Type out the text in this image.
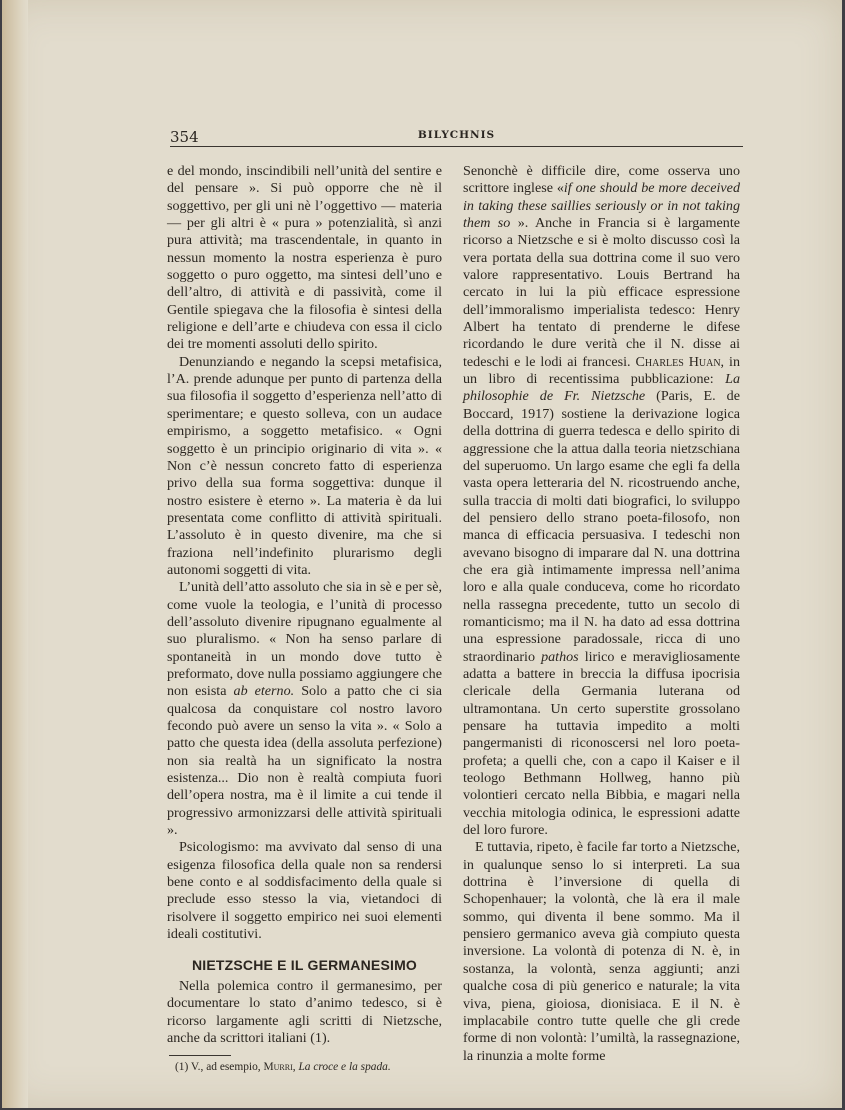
354	BILYCHNIS

e del mondo, inscindibili nell’unità del sentire e del pensare ». Si può opporre che nè il soggettivo, per gli uni nè l’oggettivo — materia — per gli altri è « pura » potenzialità, sì anzi pura attività; ma trascendentale, in quanto in nessun momento la nostra esperienza è puro soggetto o puro oggetto, ma sintesi dell’uno e dell’altro, di attività e di passività, come il Gentile spiegava che la filosofia è sintesi della religione e dell’arte e chiudeva con essa il ciclo dei tre momenti assoluti dello spirito.

Denunziando e negando la scepsi metafisica, l’A. prende adunque per punto di partenza della sua filosofia il soggetto d’esperienza nell’atto di sperimentare; e questo solleva, con un audace empirismo, a soggetto metafisico. « Ogni soggetto è un principio originario di vita ». « Non c’è nessun concreto fatto di esperienza privo della sua forma soggettiva: dunque il nostro esistere è eterno ». La materia è da lui presentata come conflitto di attività spirituali. L’assoluto è in questo divenire, ma che si fraziona nell’indefinito plurarismo degli autonomi soggetti di vita.

L’unità dell’atto assoluto che sia in sè e per sè, come vuole la teologia, e l’unità di processo dell’assoluto divenire ripugnano egualmente al suo pluralismo. « Non ha senso parlare di spontaneità in un mondo dove tutto è preformato, dove nulla possiamo aggiungere che non esista ab eterno. Solo a patto che ci sia qualcosa da conquistare col nostro lavoro fecondo può avere un senso la vita ». « Solo a patto che questa idea (della assoluta perfezione) non sia realtà ha un significato la nostra esistenza... Dio non è realtà compiuta fuori dell’opera nostra, ma è il limite a cui tende il progressivo armonizzarsi delle attività spirituali ».

Psicologismo: ma avvivato dal senso di una esigenza filosofica della quale non sa rendersi bene conto e al soddisfacimento della quale si preclude esso stesso la via, vietandoci di risolvere il soggetto empirico nei suoi elementi ideali costitutivi.

NIETZSCHE E IL GERMANESIMO

Nella polemica contro il germanesimo, per documentare lo stato d’animo tedesco, si è ricorso largamente agli scritti di Nietzsche, anche da scrittori italiani (1).

(1) V., ad esempio, Murri, La croce e la spada.

Senonchè è difficile dire, come osserva uno scrittore inglese «if one should be more deceived in taking these saillies seriously or in not taking them so ». Anche in Francia si è largamente ricorso a Nietzsche e si è molto discusso così la vera portata della sua dottrina come il suo vero valore rappresentativo. Louis Bertrand ha cercato in lui la più efficace espressione dell’immoralismo imperialista tedesco: Henry Albert ha tentato di prenderne le difese ricordando le dure verità che il N. disse ai tedeschi e le lodi ai francesi. Charles Huan, in un libro di recentissima pubblicazione: La philosophie de Fr. Nietzsche (Paris, E. de Boccard, 1917) sostiene la derivazione logica della dottrina di guerra tedesca e dello spirito di aggressione che la attua dalla teoria nietzschiana del superuomo. Un largo esame che egli fa della vasta opera letteraria del N. ricostruendo anche, sulla traccia di molti dati biografici, lo sviluppo del pensiero dello strano poeta-filosofo, non manca di efficacia persuasiva. I tedeschi non avevano bisogno di imparare dal N. una dottrina che era già intimamente impressa nell’anima loro e alla quale conduceva, come ho ricordato nella rassegna precedente, tutto un secolo di romanticismo; ma il N. ha dato ad essa dottrina una espressione paradossale, ricca di uno straordinario pathos lirico e meravigliosamente adatta a battere in breccia la diffusa ipocrisia clericale della Germania luterana od ultramontana. Un certo superstite grossolano pensare ha tuttavia impedito a molti pangermanisti di riconoscersi nel loro poeta-profeta; a quelli che, con a capo il Kaiser e il teologo Bethmann Hollweg, hanno più volontieri cercato nella Bibbia, e magari nella vecchia mitologia odinica, le espressioni adatte del loro furore.

E tuttavia, ripeto, è facile far torto a Nietzsche, in qualunque senso lo si interpreti. La sua dottrina è l’inversione di quella di Schopenhauer; la volontà, che là era il male sommo, qui diventa il bene sommo. Ma il pensiero germanico aveva già compiuto questa inversione. La volontà di potenza di N. è, in sostanza, la volontà, senza aggiunti; anzi qualche cosa di più generico e naturale; la vita viva, piena, gioiosa, dionisiaca. E il N. è implacabile contro tutte quelle che gli crede forme di non volontà: l’umiltà, la rassegnazione, la rinunzia a molte forme
